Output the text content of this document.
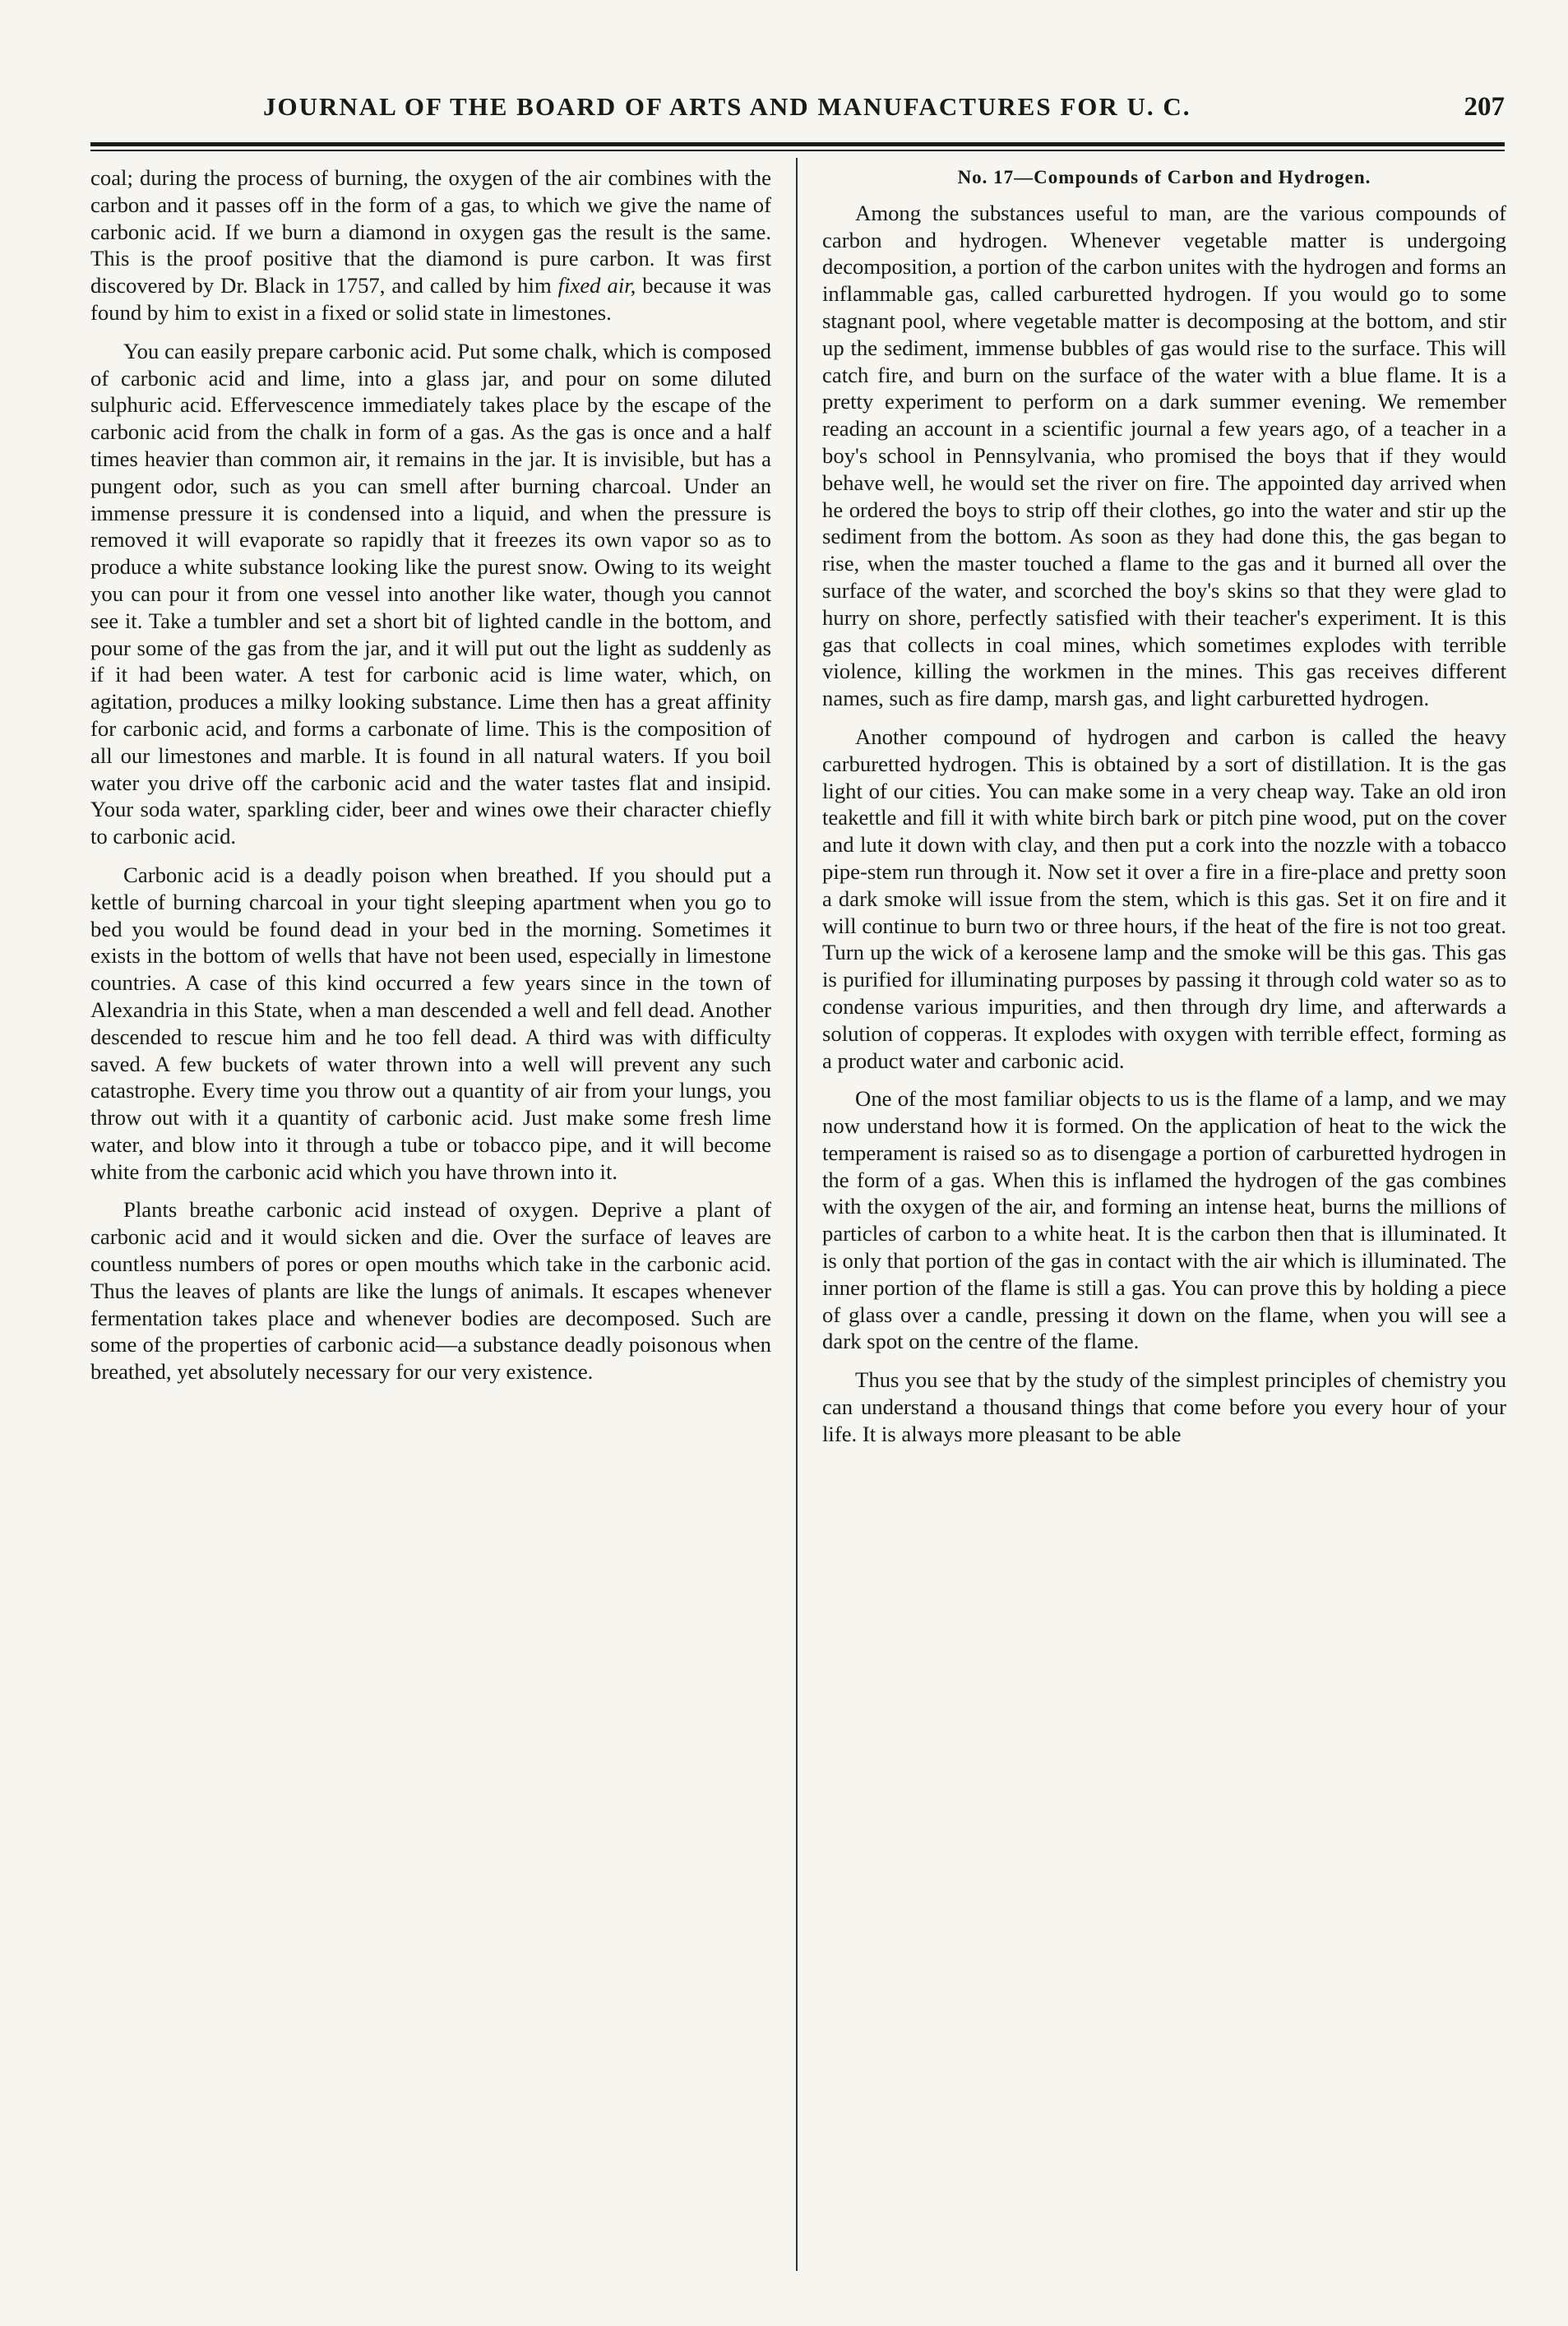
JOURNAL OF THE BOARD OF ARTS AND MANUFACTURES FOR U. C.	207

coal; during the process of burning, the oxygen of the air combines with the carbon and it passes off in the form of a gas, to which we give the name of carbonic acid. If we burn a diamond in oxygen gas the result is the same. This is the proof positive that the diamond is pure carbon. It was first discovered by Dr. Black in 1757, and called by him fixed air, because it was found by him to exist in a fixed or solid state in limestones.

You can easily prepare carbonic acid. Put some chalk, which is composed of carbonic acid and lime, into a glass jar, and pour on some diluted sulphuric acid. Effervescence immediately takes place by the escape of the carbonic acid from the chalk in form of a gas. As the gas is once and a half times heavier than common air, it remains in the jar. It is invisible, but has a pungent odor, such as you can smell after burning charcoal. Under an immense pressure it is condensed into a liquid, and when the pressure is removed it will evaporate so rapidly that it freezes its own vapor so as to produce a white substance looking like the purest snow. Owing to its weight you can pour it from one vessel into another like water, though you cannot see it. Take a tumbler and set a short bit of lighted candle in the bottom, and pour some of the gas from the jar, and it will put out the light as suddenly as if it had been water. A test for carbonic acid is lime water, which, on agitation, produces a milky looking substance. Lime then has a great affinity for carbonic acid, and forms a carbonate of lime. This is the composition of all our limestones and marble. It is found in all natural waters. If you boil water you drive off the carbonic acid and the water tastes flat and insipid. Your soda water, sparkling cider, beer and wines owe their character chiefly to carbonic acid.

Carbonic acid is a deadly poison when breathed. If you should put a kettle of burning charcoal in your tight sleeping apartment when you go to bed you would be found dead in your bed in the morning. Sometimes it exists in the bottom of wells that have not been used, especially in limestone countries. A case of this kind occurred a few years since in the town of Alexandria in this State, when a man descended a well and fell dead. Another descended to rescue him and he too fell dead. A third was with difficulty saved. A few buckets of water thrown into a well will prevent any such catastrophe. Every time you throw out a quantity of air from your lungs, you throw out with it a quantity of carbonic acid. Just make some fresh lime water, and blow into it through a tube or tobacco pipe, and it will become white from the carbonic acid which you have thrown into it.

Plants breathe carbonic acid instead of oxygen. Deprive a plant of carbonic acid and it would sicken and die. Over the surface of leaves are countless numbers of pores or open mouths which take in the carbonic acid. Thus the leaves of plants are like the lungs of animals. It escapes whenever fermentation takes place and whenever bodies are decomposed. Such are some of the properties of carbonic acid—a substance deadly poisonous when breathed, yet absolutely necessary for our very existence.

No. 17—Compounds of Carbon and Hydrogen.

Among the substances useful to man, are the various compounds of carbon and hydrogen. Whenever vegetable matter is undergoing decomposition, a portion of the carbon unites with the hydrogen and forms an inflammable gas, called carburetted hydrogen. If you would go to some stagnant pool, where vegetable matter is decomposing at the bottom, and stir up the sediment, immense bubbles of gas would rise to the surface. This will catch fire, and burn on the surface of the water with a blue flame. It is a pretty experiment to perform on a dark summer evening. We remember reading an account in a scientific journal a few years ago, of a teacher in a boy's school in Pennsylvania, who promised the boys that if they would behave well, he would set the river on fire. The appointed day arrived when he ordered the boys to strip off their clothes, go into the water and stir up the sediment from the bottom. As soon as they had done this, the gas began to rise, when the master touched a flame to the gas and it burned all over the surface of the water, and scorched the boy's skins so that they were glad to hurry on shore, perfectly satisfied with their teacher's experiment. It is this gas that collects in coal mines, which sometimes explodes with terrible violence, killing the workmen in the mines. This gas receives different names, such as fire damp, marsh gas, and light carburetted hydrogen.

Another compound of hydrogen and carbon is called the heavy carburetted hydrogen. This is obtained by a sort of distillation. It is the gas light of our cities. You can make some in a very cheap way. Take an old iron teakettle and fill it with white birch bark or pitch pine wood, put on the cover and lute it down with clay, and then put a cork into the nozzle with a tobacco pipe-stem run through it. Now set it over a fire in a fire-place and pretty soon a dark smoke will issue from the stem, which is this gas. Set it on fire and it will continue to burn two or three hours, if the heat of the fire is not too great. Turn up the wick of a kerosene lamp and the smoke will be this gas. This gas is purified for illuminating purposes by passing it through cold water so as to condense various impurities, and then through dry lime, and afterwards a solution of copperas. It explodes with oxygen with terrible effect, forming as a product water and carbonic acid.

One of the most familiar objects to us is the flame of a lamp, and we may now understand how it is formed. On the application of heat to the wick the temperament is raised so as to disengage a portion of carburetted hydrogen in the form of a gas. When this is inflamed the hydrogen of the gas combines with the oxygen of the air, and forming an intense heat, burns the millions of particles of carbon to a white heat. It is the carbon then that is illuminated. It is only that portion of the gas in contact with the air which is illuminated. The inner portion of the flame is still a gas. You can prove this by holding a piece of glass over a candle, pressing it down on the flame, when you will see a dark spot on the centre of the flame.

Thus you see that by the study of the simplest principles of chemistry you can understand a thousand things that come before you every hour of your life. It is always more pleasant to be able
